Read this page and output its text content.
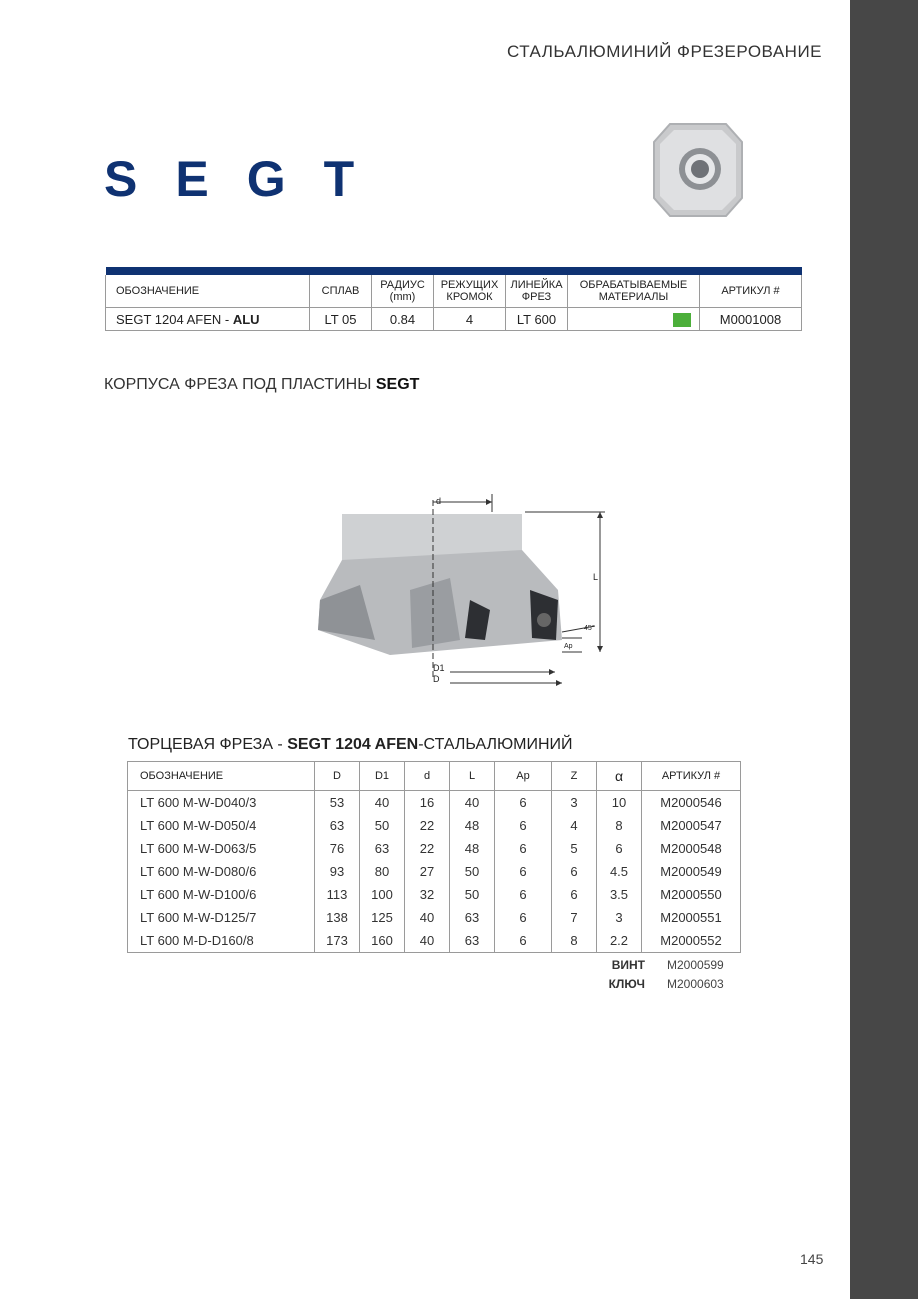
СТАЛЬАЛЮМИНИЙ ФРЕЗЕРОВАНИЕ
SEGT

ОБОЗНАЧЕНИЕ	СПЛАВ	РАДИУС (mm)	РЕЖУЩИХ КРОМОК	ЛИНЕЙКА ФРЕЗ	ОБРАБАТЫВАЕМЫЕ МАТЕРИАЛЫ	АРТИКУЛ #
SEGT 1204 AFEN - ALU	LT 05	0.84	4	LT 600		M0001008
КОРПУСА ФРЕЗА ПОД ПЛАСТИНЫ SEGT
d
L
45°
Ap
D1
D
ТОРЦЕВАЯ ФРЕЗА - SEGT 1204 AFEN-СТАЛЬАЛЮМИНИЙ
ОБОЗНАЧЕНИЕ	D	D1	d	L	Ap	Z	α	АРТИКУЛ #
LT 600 M-W-D040/3	53	40	16	40	6	3	10	M2000546
LT 600 M-W-D050/4	63	50	22	48	6	4	8	M2000547
LT 600 M-W-D063/5	76	63	22	48	6	5	6	M2000548
LT 600 M-W-D080/6	93	80	27	50	6	6	4.5	M2000549
LT 600 M-W-D100/6	113	100	32	50	6	6	3.5	M2000550
LT 600 M-W-D125/7	138	125	40	63	6	7	3	M2000551
LT 600 M-D-D160/8	173	160	40	63	6	8	2.2	M2000552
ВИНТ M2000599
КЛЮЧ M2000603
145
